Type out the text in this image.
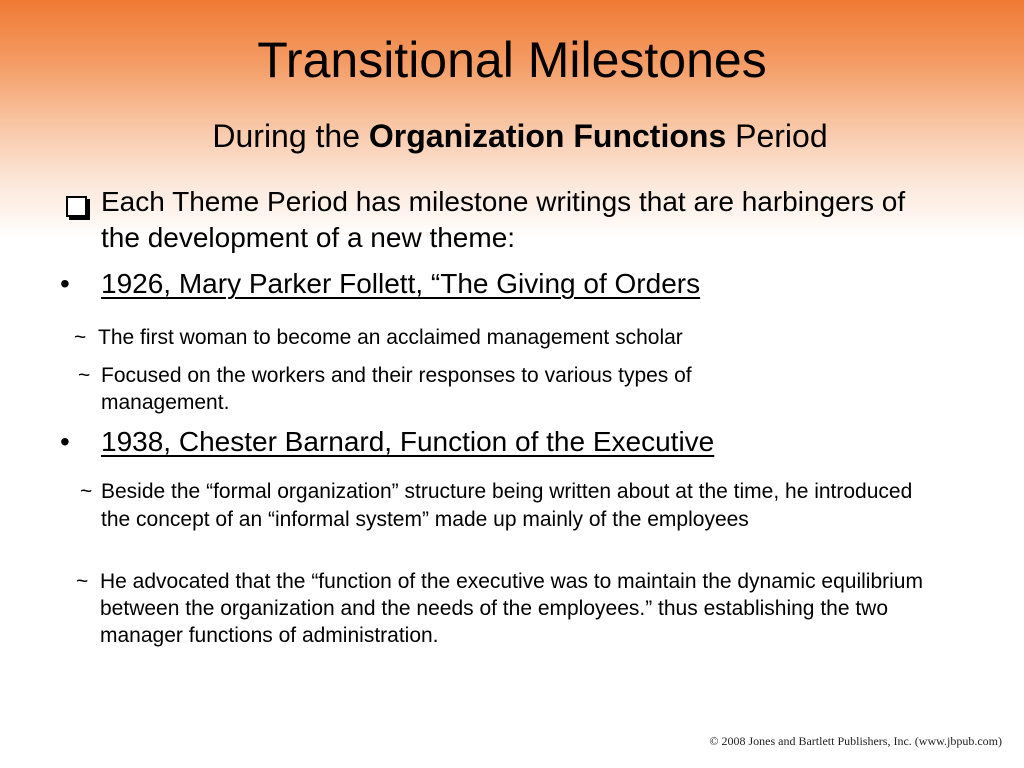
Transitional Milestones
During the Organization Functions Period
Each Theme Period has milestone writings that are harbingers of the development of a new theme:
• 1926, Mary Parker Follett, “The Giving of Orders
~ The first woman to become an acclaimed management scholar
~ Focused on the workers and their responses to various types of management.
• 1938, Chester Barnard, Function of the Executive
~ Beside the “formal organization” structure being written about at the time, he introduced the concept of an “informal system” made up mainly of the employees
~ He advocated that the “function of the executive was to maintain the dynamic equilibrium between the organization and the needs of the employees.” thus establishing the two manager functions of administration.
© 2008 Jones and Bartlett Publishers, Inc. (www.jbpub.com)
